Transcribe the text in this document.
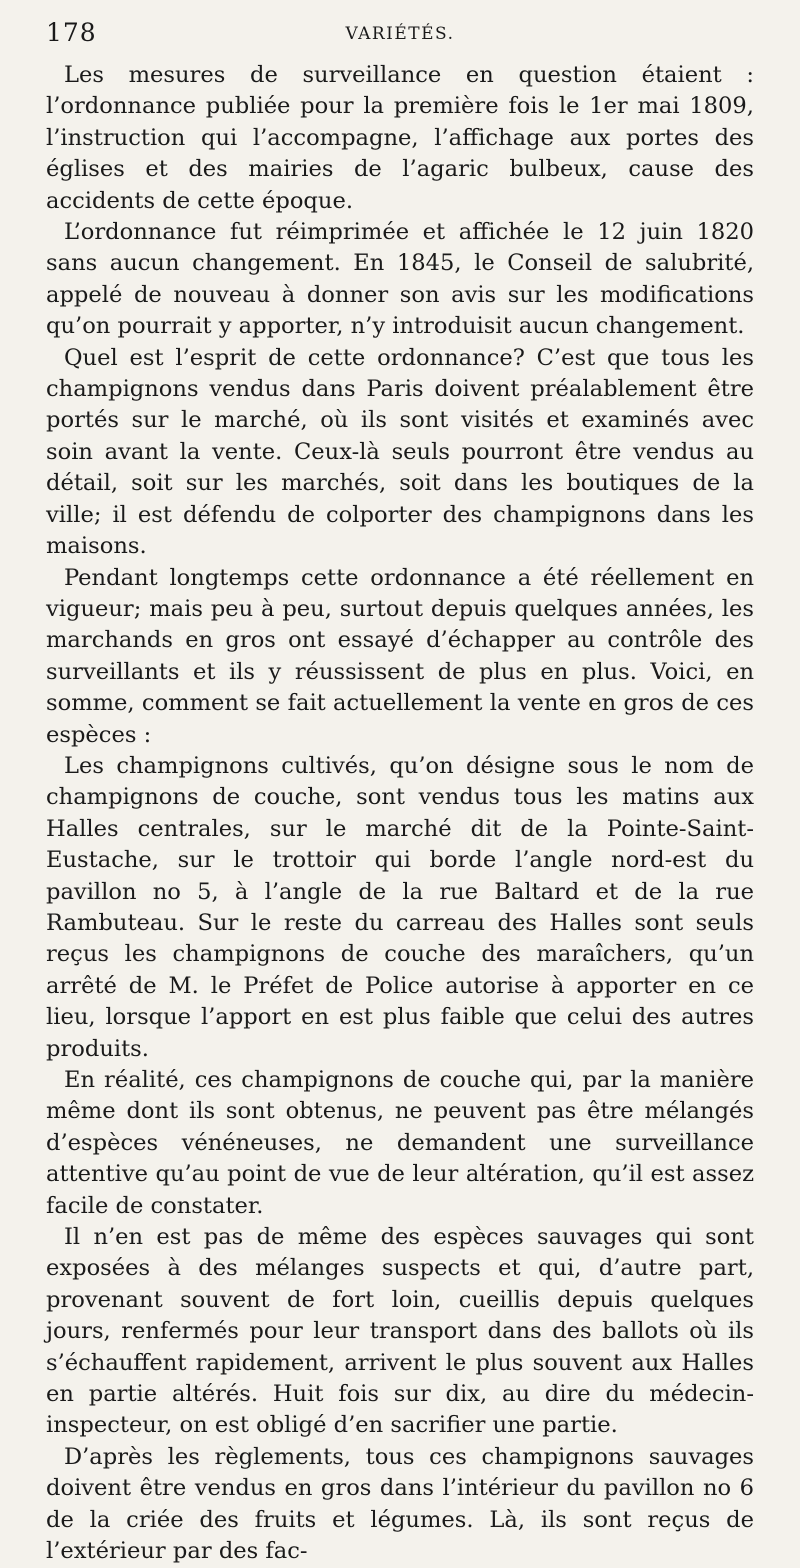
178	VARIÉTÉS.

Les mesures de surveillance en question étaient : l’ordonnance publiée pour la première fois le 1er mai 1809, l’instruction qui l’accompagne, l’affichage aux portes des églises et des mairies de l’agaric bulbeux, cause des accidents de cette époque.

L’ordonnance fut réimprimée et affichée le 12 juin 1820 sans aucun changement. En 1845, le Conseil de salubrité, appelé de nouveau à donner son avis sur les modifications qu’on pourrait y apporter, n’y introduisit aucun changement.

Quel est l’esprit de cette ordonnance? C’est que tous les champignons vendus dans Paris doivent préalablement être portés sur le marché, où ils sont visités et examinés avec soin avant la vente. Ceux-là seuls pourront être vendus au détail, soit sur les marchés, soit dans les boutiques de la ville; il est défendu de colporter des champignons dans les maisons.

Pendant longtemps cette ordonnance a été réellement en vigueur; mais peu à peu, surtout depuis quelques années, les marchands en gros ont essayé d’échapper au contrôle des surveillants et ils y réussissent de plus en plus. Voici, en somme, comment se fait actuellement la vente en gros de ces espèces :

Les champignons cultivés, qu’on désigne sous le nom de champignons de couche, sont vendus tous les matins aux Halles centrales, sur le marché dit de la Pointe-Saint-Eustache, sur le trottoir qui borde l’angle nord-est du pavillon no 5, à l’angle de la rue Baltard et de la rue Rambuteau. Sur le reste du carreau des Halles sont seuls reçus les champignons de couche des maraîchers, qu’un arrêté de M. le Préfet de Police autorise à apporter en ce lieu, lorsque l’apport en est plus faible que celui des autres produits.

En réalité, ces champignons de couche qui, par la manière même dont ils sont obtenus, ne peuvent pas être mélangés d’espèces vénéneuses, ne demandent une surveillance attentive qu’au point de vue de leur altération, qu’il est assez facile de constater.

Il n’en est pas de même des espèces sauvages qui sont exposées à des mélanges suspects et qui, d’autre part, provenant souvent de fort loin, cueillis depuis quelques jours, renfermés pour leur transport dans des ballots où ils s’échauffent rapidement, arrivent le plus souvent aux Halles en partie altérés. Huit fois sur dix, au dire du médecin-inspecteur, on est obligé d’en sacrifier une partie.

D’après les règlements, tous ces champignons sauvages doivent être vendus en gros dans l’intérieur du pavillon no 6 de la criée des fruits et légumes. Là, ils sont reçus de l’extérieur par des fac-
